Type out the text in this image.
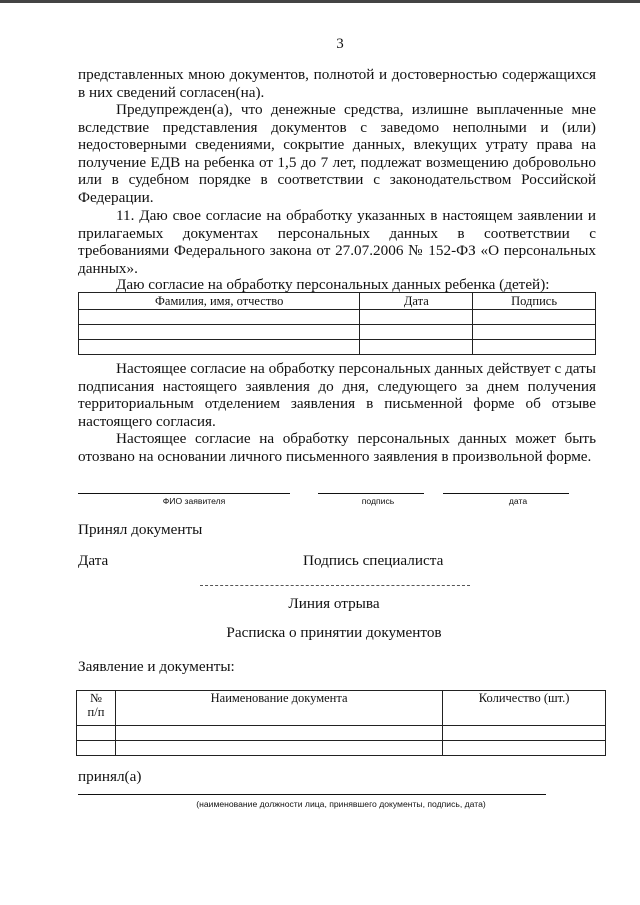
3
представленных мною документов, полнотой и достоверностью содержащихся в них сведений согласен(на).
Предупрежден(а), что денежные средства, излишне выплаченные мне вследствие представления документов с заведомо неполными и (или) недостоверными сведениями, сокрытие данных, влекущих утрату права на получение ЕДВ на ребенка от 1,5 до 7 лет, подлежат возмещению добровольно или в судебном порядке в соответствии с законодательством Российской Федерации.
11. Даю свое согласие на обработку указанных в настоящем заявлении и прилагаемых документах персональных данных в соответствии с требованиями Федерального закона от 27.07.2006 № 152-ФЗ «О персональных данных».
Даю согласие на обработку персональных данных ребенка (детей):
Фамилия, имя, отчество	Дата	Подпись

Настоящее согласие на обработку персональных данных действует с даты подписания настоящего заявления до дня, следующего за днем получения территориальным отделением заявления в письменной форме об отзыве настоящего согласия.
Настоящее согласие на обработку персональных данных может быть отозвано на основании личного письменного заявления в произвольной форме.
ФИО заявителя	подпись	дата
Принял документы
Дата	Подпись специалиста
Линия отрыва
Расписка о принятии документов
Заявление и документы:
№
п/п	Наименование документа	Количество (шт.)

принял(а)
(наименование должности лица, принявшего документы, подпись, дата)
